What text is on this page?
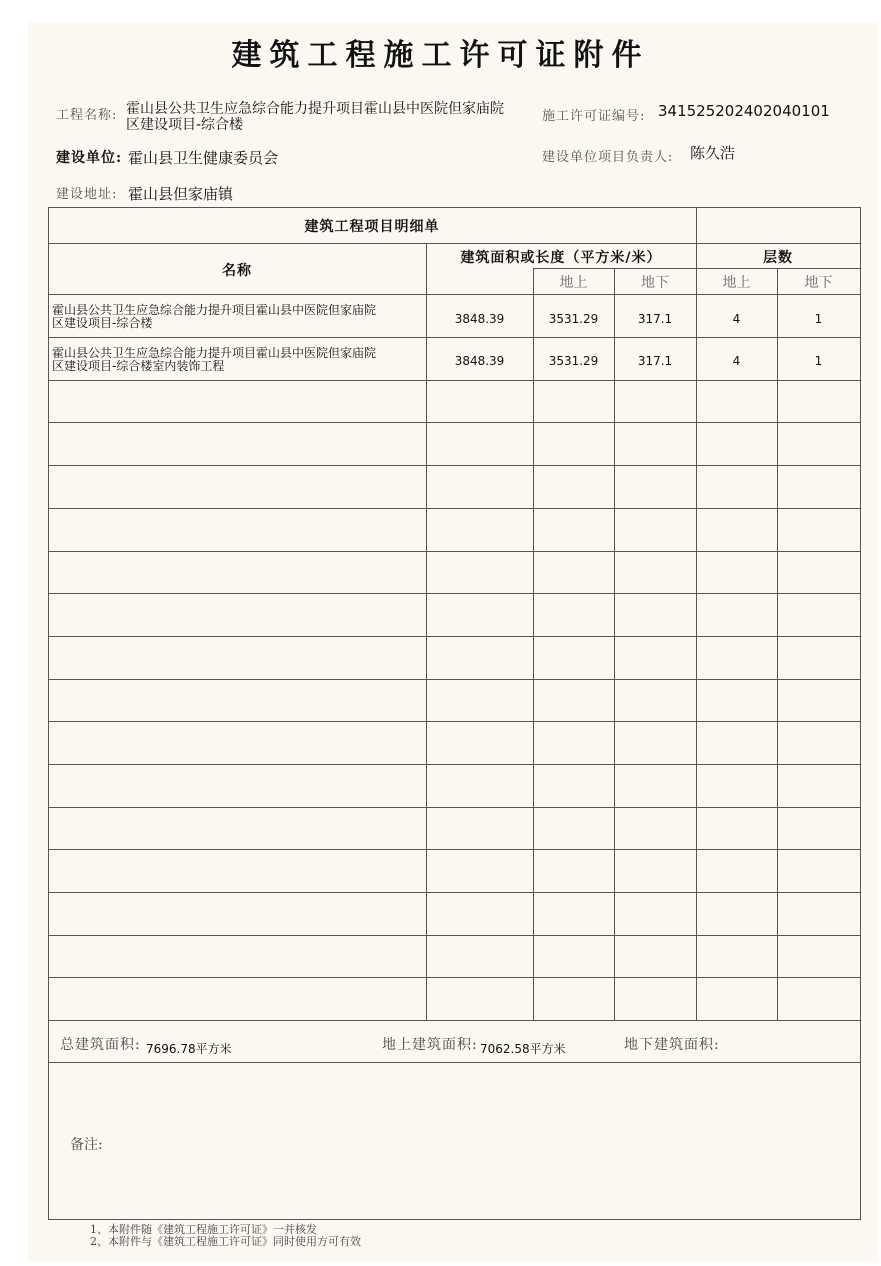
建筑工程施工许可证附件
工程名称: 霍山县公共卫生应急综合能力提升项目霍山县中医院但家庙院
区建设项目-综合楼
施工许可证编号: 341525202402040101
建设单位: 霍山县卫生健康委员会	建设单位项目负责人: 陈久浩
建设地址: 霍山县但家庙镇
建筑工程项目明细单
名称
建筑面积或长度（平方米/米）	层数
地上	地下	地上	地下
霍山县公共卫生应急综合能力提升项目霍山县中医院但家庙院
区建设项目-综合楼	3848.39	3531.29	317.1	4	1
霍山县公共卫生应急综合能力提升项目霍山县中医院但家庙院
区建设项目-综合楼室内装饰工程	3848.39	3531.29	317.1	4	1
总建筑面积: 7696.78平方米	地上建筑面积: 7062.58平方米	地下建筑面积:
备注:
1、本附件随《建筑工程施工许可证》一并核发
2、本附件与《建筑工程施工许可证》同时使用方可有效
